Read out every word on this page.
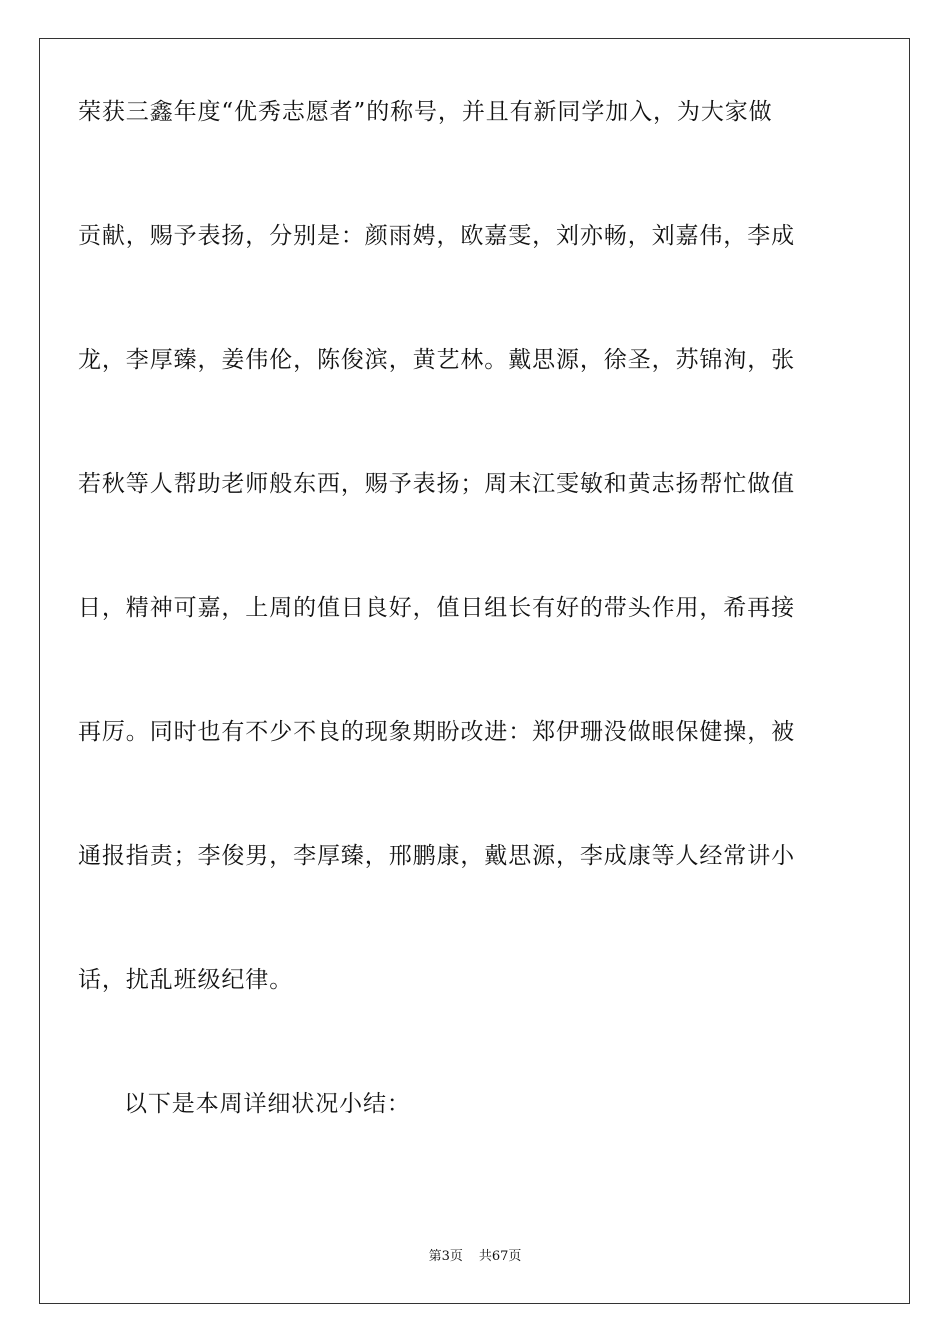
荣获三鑫年度“优秀志愿者”的称号，并且有新同学加入，为大家做
贡献，赐予表扬，分别是：颜雨娉，欧嘉雯，刘亦畅，刘嘉伟，李成
龙，李厚臻，姜伟伦，陈俊滨，黄艺林。戴思源，徐圣，苏锦洵，张
若秋等人帮助老师般东西，赐予表扬；周末江雯敏和黄志扬帮忙做值
日，精神可嘉，上周的值日良好，值日组长有好的带头作用，希再接
再厉。同时也有不少不良的现象期盼改进：郑伊珊没做眼保健操，被
通报指责；李俊男，李厚臻，邢鹏康，戴思源，李成康等人经常讲小
话，扰乱班级纪律。
以下是本周详细状况小结：
第3页 共67页
